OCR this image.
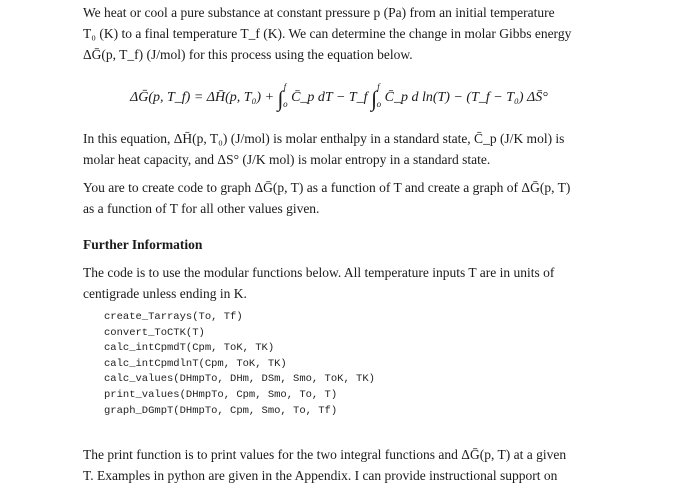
We heat or cool a pure substance at constant pressure p (Pa) from an initial temperature

T₀ (K) to a final temperature T_f (K). We can determine the change in molar Gibbs energy

ΔḠ(p, T_f) (J/mol) for this process using the equation below.

ΔḠ(p, T_f) = ΔH̄(p, T₀) + ∫$^f_o$ C̄_p dT − T_f ∫$^f_o$ C̄_p d ln(T) − (T_f − T₀) ΔS̄°

In this equation, ΔH̄(p, T₀) (J/mol) is molar enthalpy in a standard state, C̄_p (J/K mol) is

molar heat capacity, and ΔS° (J/K mol) is molar entropy in a standard state.

You are to create code to graph ΔḠ(p, T) as a function of T and create a graph of ΔḠ(p, T)

as a function of T for all other values given.

Further Information

The code is to use the modular functions below. All temperature inputs T are in units of

centigrade unless ending in K.

create_Tarrays(To, Tf)
convert_ToCTK(T)
calc_intCpmdT(Cpm, ToK, TK)
calc_intCpmdlnT(Cpm, ToK, TK)
calc_values(DHmpTo, DHm, DSm, Smo, ToK, TK)
print_values(DHmpTo, Cpm, Smo, To, T)
graph_DGmpT(DHmpTo, Cpm, Smo, To, Tf)

The print function is to print values for the two integral functions and ΔḠ(p, T) at a given

T. Examples in python are given in the Appendix. I can provide instructional support on
